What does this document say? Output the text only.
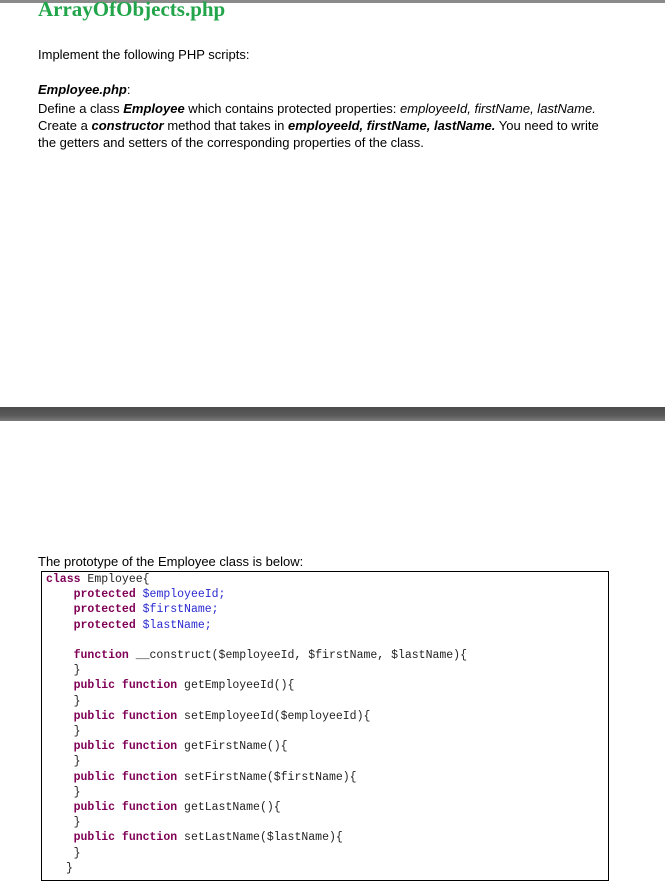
ArrayOfObjects.php
Implement the following PHP scripts:
Employee.php:
Define a class Employee which contains protected properties: employeeId, firstName, lastName.
Create a constructor method that takes in employeeId, firstName, lastName. You need to write
the getters and setters of the corresponding properties of the class.
The prototype of the Employee class is below:
class Employee{
protected $employeeId;
protected $firstName;
protected $lastName;

function __construct($employeeId, $firstName, $lastName){
}
public function getEmployeeId(){
}
public function setEmployeeId($employeeId){
}
public function getFirstName(){
}
public function setFirstName($firstName){
}
public function getLastName(){
}
public function setLastName($lastName){
}
}
